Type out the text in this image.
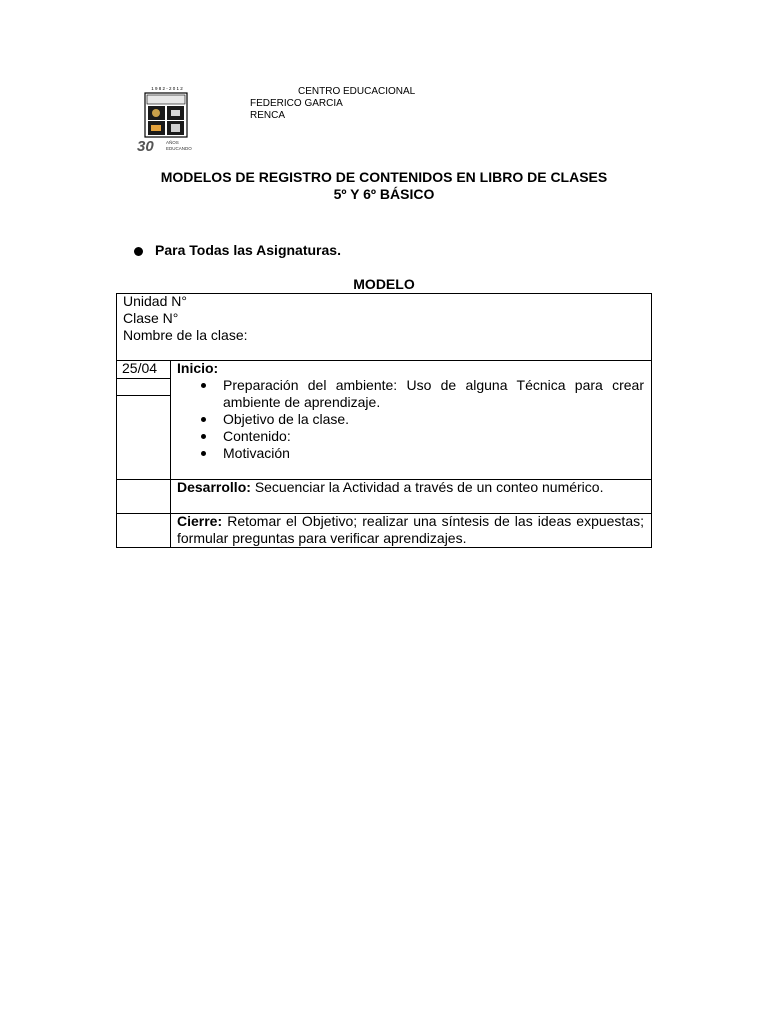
1 9 8 2 - 2 0 1 2
30	AÑOS
EDUCANDO
CENTRO EDUCACIONAL
FEDERICO GARCIA
RENCA
MODELOS DE REGISTRO DE CONTENIDOS EN LIBRO DE CLASES
5º Y 6º BÁSICO
Para Todas las Asignaturas.
MODELO
Unidad N°
Clase N°
Nombre de la clase:
25/04 Inicio:
Preparación del ambiente: Uso de alguna Técnica para crear ambiente de aprendizaje.
Objetivo de la clase.
Contenido:
Motivación
Desarrollo: Secuenciar la Actividad a través de un conteo numérico.
Cierre: Retomar el Objetivo; realizar una síntesis de las ideas expuestas; formular preguntas para verificar aprendizajes.
